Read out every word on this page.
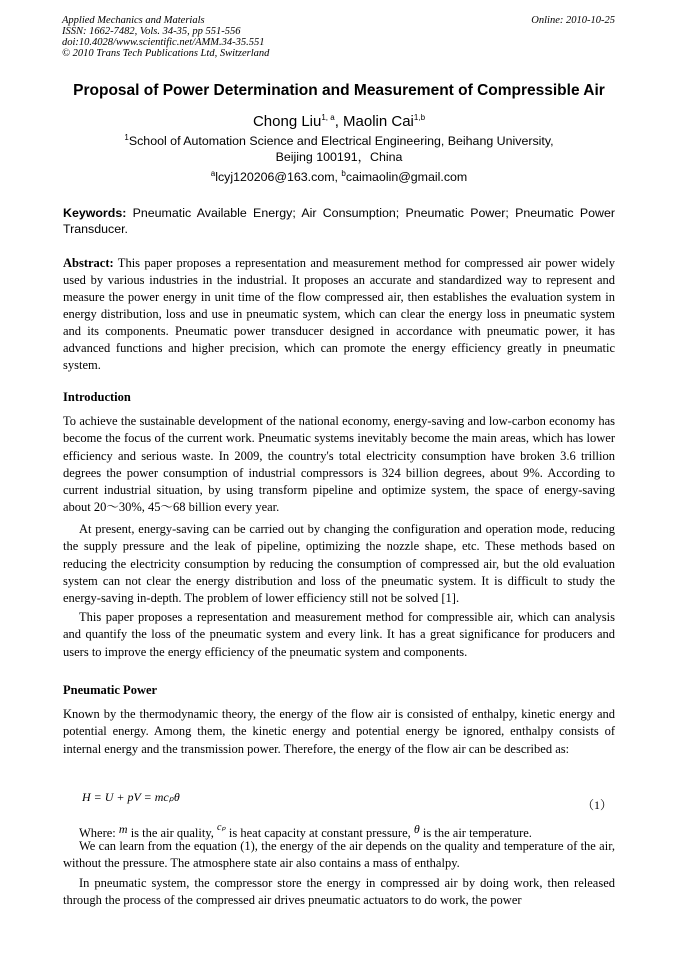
Applied Mechanics and Materials
ISSN: 1662-7482, Vols. 34-35, pp 551-556
doi:10.4028/www.scientific.net/AMM.34-35.551
© 2010 Trans Tech Publications Ltd, Switzerland
Online: 2010-10-25
Proposal of Power Determination and Measurement of Compressible Air
Chong Liu$^{1, a}$, Maolin Cai$^{1,b}$
$^1$School of Automation Science and Electrical Engineering, Beihang University,
Beijing 100191，China
$^a$lcyj120206@163.com, $^b$caimaolin@gmail.com
Keywords: Pneumatic Available Energy; Air Consumption; Pneumatic Power; Pneumatic Power Transducer.
Abstract: This paper proposes a representation and measurement method for compressed air power widely used by various industries in the industrial. It proposes an accurate and standardized way to represent and measure the power energy in unit time of the flow compressed air, then establishes the evaluation system in energy distribution, loss and use in pneumatic system, which can clear the energy loss in pneumatic system and its components. Pneumatic power transducer designed in accordance with pneumatic power, it has advanced functions and higher precision, which can promote the energy efficiency greatly in pneumatic system.
Introduction
To achieve the sustainable development of the national economy, energy-saving and low-carbon economy has become the focus of the current work. Pneumatic systems inevitably become the main areas, which has lower efficiency and serious waste. In 2009, the country's total electricity consumption have broken 3.6 trillion degrees the power consumption of industrial compressors is 324 billion degrees, about 9%. According to current industrial situation, by using transform pipeline and optimize system, the space of energy-saving about 20～30%, 45～68 billion every year.
At present, energy-saving can be carried out by changing the configuration and operation mode, reducing the supply pressure and the leak of pipeline, optimizing the nozzle shape, etc. These methods based on reducing the electricity consumption by reducing the consumption of compressed air, but the old evaluation system can not clear the energy distribution and loss of the pneumatic system. It is difficult to study the energy-saving in-depth. The problem of lower efficiency still not be solved [1].
This paper proposes a representation and measurement method for compressible air, which can analysis and quantify the loss of the pneumatic system and every link. It has a great significance for producers and users to improve the energy efficiency of the pneumatic system and components.
Pneumatic Power
Known by the thermodynamic theory, the energy of the flow air is consisted of enthalpy, kinetic energy and potential energy. Among them, the kinetic energy and potential energy be ignored, enthalpy consists of internal energy and the transmission power. Therefore, the energy of the flow air can be described as:
H = U + pV = mcₚθ
（1）
Where: m is the air quality, $^{c_p}$ is heat capacity at constant pressure, θ is the air temperature.
We can learn from the equation (1), the energy of the air depends on the quality and temperature of the air, without the pressure. The atmosphere state air also contains a mass of enthalpy.
In pneumatic system, the compressor store the energy in compressed air by doing work, then released through the process of the compressed air drives pneumatic actuators to do work, the power
